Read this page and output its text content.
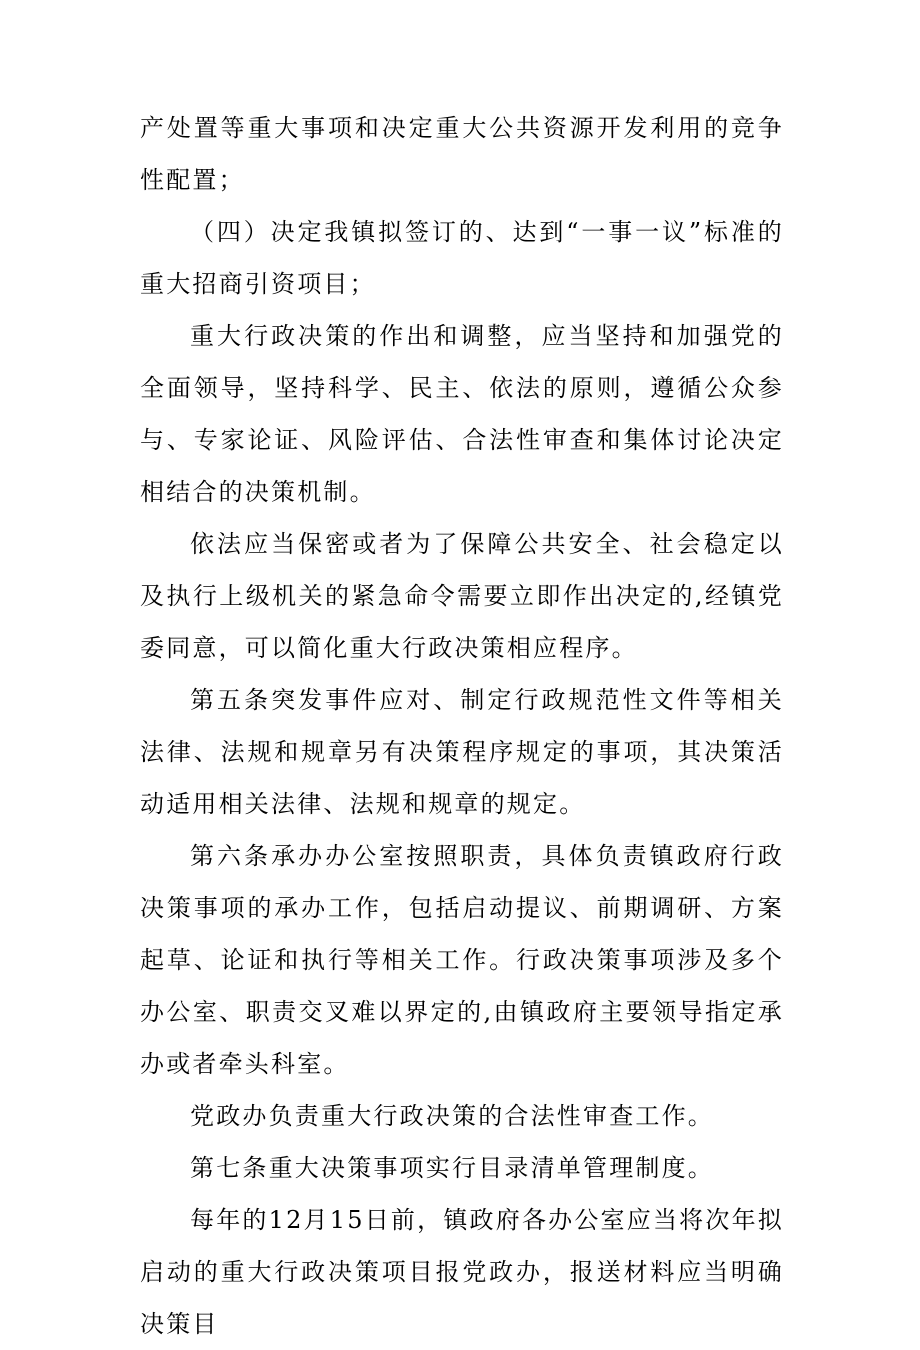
产处置等重大事项和决定重大公共资源开发利用的竞争性配置；

（四）决定我镇拟签订的、达到“一事一议”标准的重大招商引资项目；

重大行政决策的作出和调整，应当坚持和加强党的全面领导，坚持科学、民主、依法的原则，遵循公众参与、专家论证、风险评估、合法性审查和集体讨论决定相结合的决策机制。

依法应当保密或者为了保障公共安全、社会稳定以及执行上级机关的紧急命令需要立即作出决定的,经镇党委同意，可以简化重大行政决策相应程序。

第五条突发事件应对、制定行政规范性文件等相关法律、法规和规章另有决策程序规定的事项，其决策活动适用相关法律、法规和规章的规定。

第六条承办办公室按照职责，具体负责镇政府行政决策事项的承办工作，包括启动提议、前期调研、方案起草、论证和执行等相关工作。行政决策事项涉及多个办公室、职责交叉难以界定的,由镇政府主要领导指定承办或者牵头科室。

党政办负责重大行政决策的合法性审查工作。

第七条重大决策事项实行目录清单管理制度。

每年的12月15日前，镇政府各办公室应当将次年拟启动的重大行政决策项目报党政办，报送材料应当明确决策目
